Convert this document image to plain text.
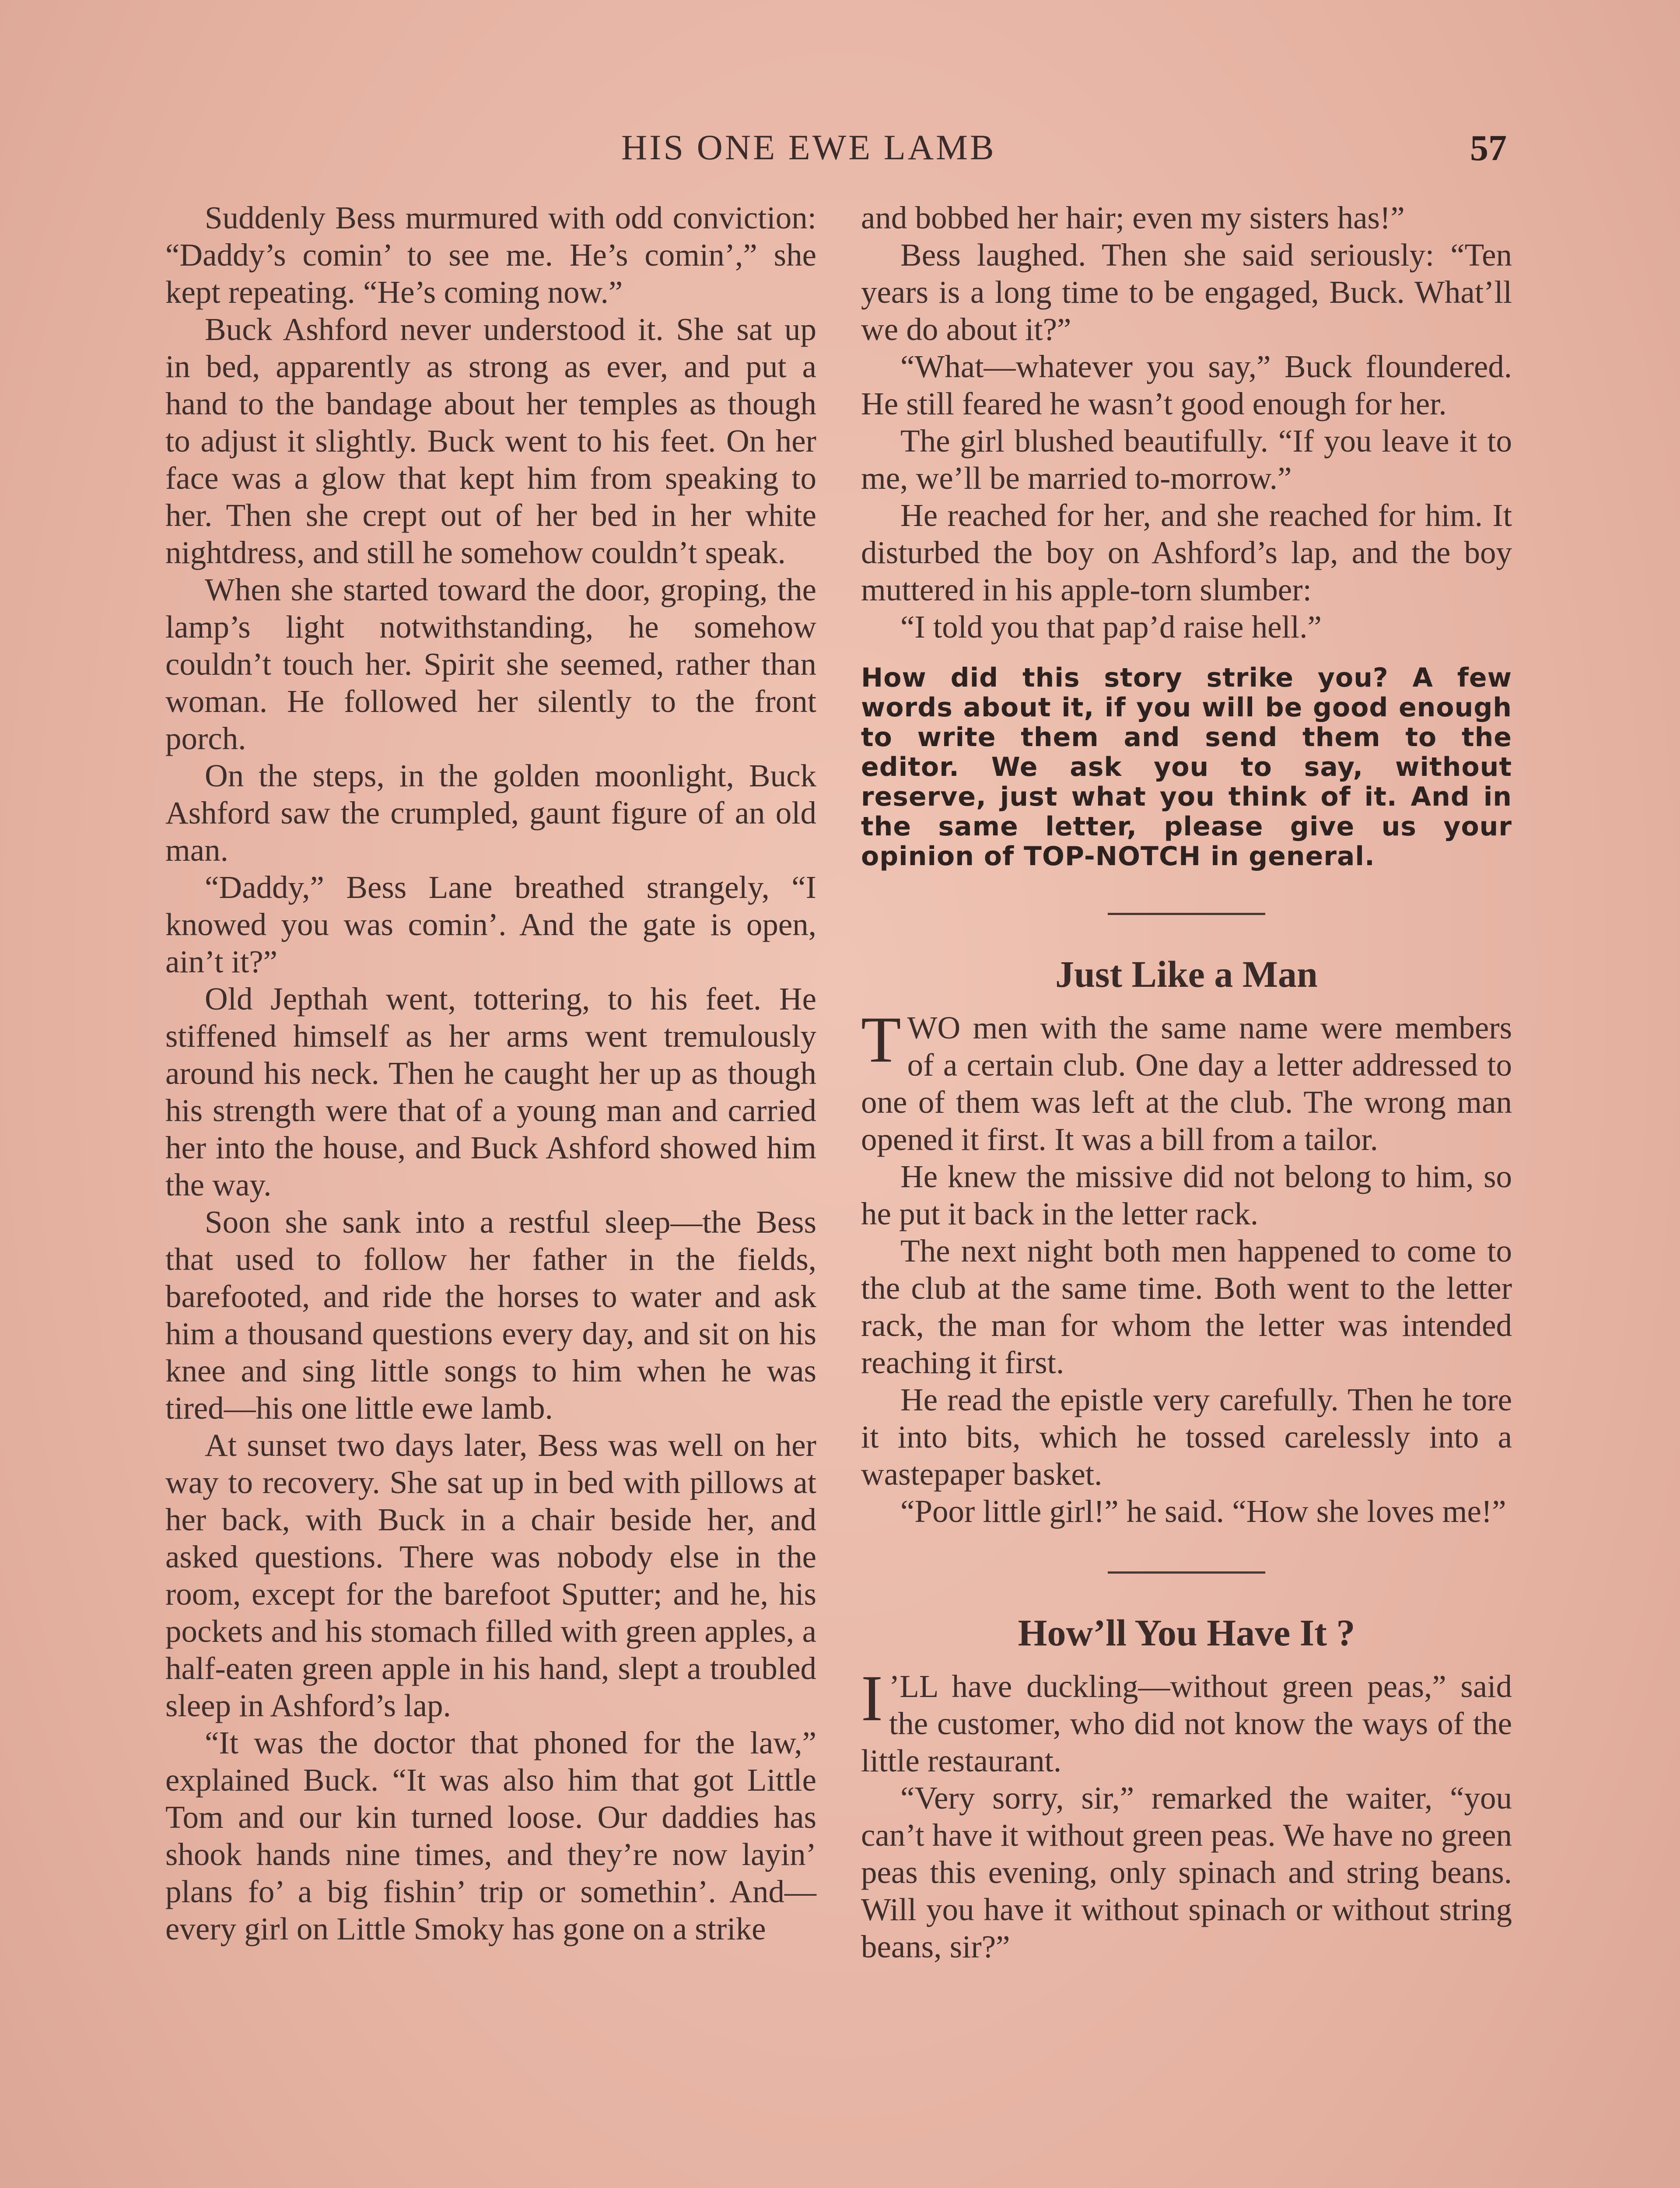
HIS ONE EWE LAMB	57

Suddenly Bess murmured with odd conviction: “Daddy’s comin’ to see me. He’s comin’,” she kept repeating. “He’s coming now.”

Buck Ashford never understood it. She sat up in bed, apparently as strong as ever, and put a hand to the bandage about her temples as though to adjust it slightly. Buck went to his feet. On her face was a glow that kept him from speaking to her. Then she crept out of her bed in her white nightdress, and still he somehow couldn’t speak.

When she started toward the door, groping, the lamp’s light notwithstanding, he somehow couldn’t touch her. Spirit she seemed, rather than woman. He followed her silently to the front porch.

On the steps, in the golden moonlight, Buck Ashford saw the crumpled, gaunt figure of an old man.

“Daddy,” Bess Lane breathed strangely, “I knowed you was comin’. And the gate is open, ain’t it?”

Old Jepthah went, tottering, to his feet. He stiffened himself as her arms went tremulously around his neck. Then he caught her up as though his strength were that of a young man and carried her into the house, and Buck Ashford showed him the way.

Soon she sank into a restful sleep—the Bess that used to follow her father in the fields, barefooted, and ride the horses to water and ask him a thousand questions every day, and sit on his knee and sing little songs to him when he was tired—his one little ewe lamb.

At sunset two days later, Bess was well on her way to recovery. She sat up in bed with pillows at her back, with Buck in a chair beside her, and asked questions. There was nobody else in the room, except for the barefoot Sputter; and he, his pockets and his stomach filled with green apples, a half-eaten green apple in his hand, slept a troubled sleep in Ashford’s lap.

“It was the doctor that phoned for the law,” explained Buck. “It was also him that got Little Tom and our kin turned loose. Our daddies has shook hands nine times, and they’re now layin’ plans fo’ a big fishin’ trip or somethin’. And—every girl on Little Smoky has gone on a strike

and bobbed her hair; even my sisters has!”

Bess laughed. Then she said seriously: “Ten years is a long time to be engaged, Buck. What’ll we do about it?”

“What—whatever you say,” Buck floundered. He still feared he wasn’t good enough for her.

The girl blushed beautifully. “If you leave it to me, we’ll be married to-morrow.”

He reached for her, and she reached for him. It disturbed the boy on Ashford’s lap, and the boy muttered in his apple-torn slumber:

“I told you that pap’d raise hell.”

How did this story strike you? A few words about it, if you will be good enough to write them and send them to the editor. We ask you to say, without reserve, just what you think of it. And in the same letter, please give us your opinion of TOP-NOTCH in general.
Just Like a Man

TWO men with the same name were members of a certain club. One day a letter addressed to one of them was left at the club. The wrong man opened it first. It was a bill from a tailor.

He knew the missive did not belong to him, so he put it back in the letter rack.

The next night both men happened to come to the club at the same time. Both went to the letter rack, the man for whom the letter was intended reaching it first.

He read the epistle very carefully. Then he tore it into bits, which he tossed carelessly into a wastepaper basket.

“Poor little girl!” he said. “How she loves me!”

How’ll You Have It ?

I ’LL have duckling—without green peas,” said the customer, who did not know the ways of the little restaurant.

“Very sorry, sir,” remarked the waiter, “you can’t have it without green peas. We have no green peas this evening, only spinach and string beans. Will you have it without spinach or without string beans, sir?”
